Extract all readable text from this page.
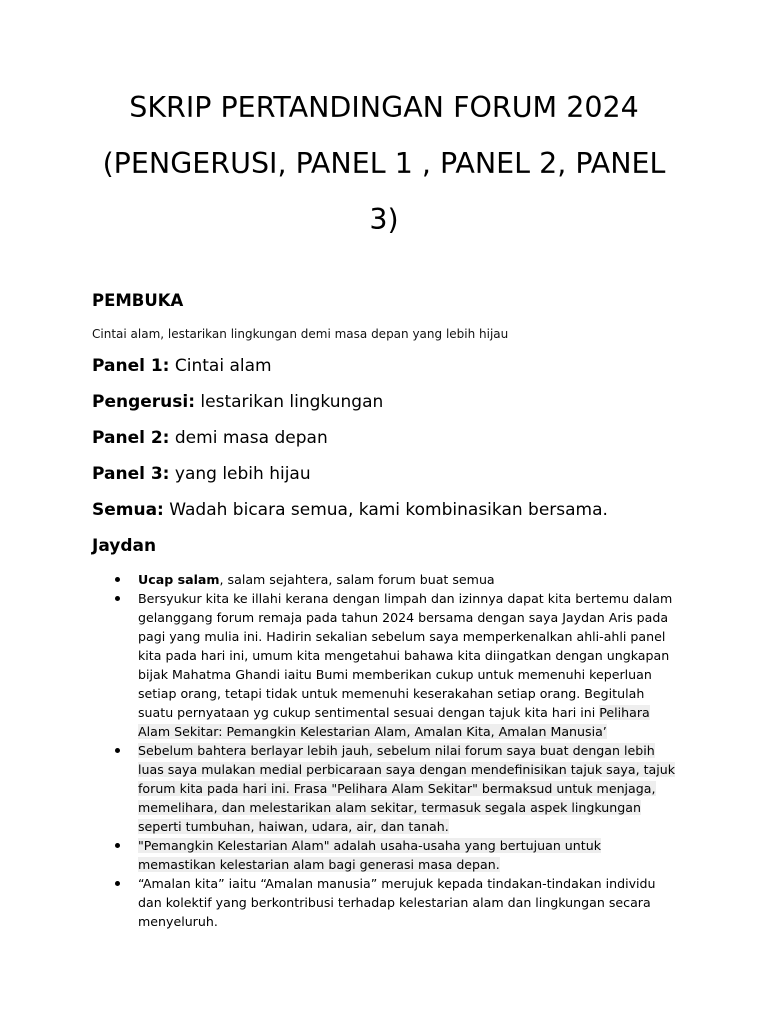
SKRIP PERTANDINGAN FORUM 2024
(PENGERUSI, PANEL 1 , PANEL 2, PANEL
3)
PEMBUKA

Cintai alam, lestarikan lingkungan demi masa depan yang lebih hijau

Panel 1: Cintai alam

Pengerusi: lestarikan lingkungan

Panel 2: demi masa depan

Panel 3: yang lebih hijau

Semua: Wadah bicara semua, kami kombinasikan bersama.

Jaydan
Ucap salam, salam sejahtera, salam forum buat semua
Bersyukur kita ke illahi kerana dengan limpah dan izinnya dapat kita bertemu dalam gelanggang forum remaja pada tahun 2024 bersama dengan saya Jaydan Aris pada pagi yang mulia ini. Hadirin sekalian sebelum saya memperkenalkan ahli-ahli panel kita pada hari ini, umum kita mengetahui bahawa kita diingatkan dengan ungkapan bijak Mahatma Ghandi iaitu Bumi memberikan cukup untuk memenuhi keperluan setiap orang, tetapi tidak untuk memenuhi keserakahan setiap orang. Begitulah suatu pernyataan yg cukup sentimental sesuai dengan tajuk kita hari ini Pelihara Alam Sekitar: Pemangkin Kelestarian Alam, Amalan Kita, Amalan Manusia’
Sebelum bahtera berlayar lebih jauh, sebelum nilai forum saya buat dengan lebih luas saya mulakan medial perbicaraan saya dengan mendefinisikan tajuk saya, tajuk forum kita pada hari ini. Frasa "Pelihara Alam Sekitar" bermaksud untuk menjaga, memelihara, dan melestarikan alam sekitar, termasuk segala aspek lingkungan seperti tumbuhan, haiwan, udara, air, dan tanah.
"Pemangkin Kelestarian Alam" adalah usaha-usaha yang bertujuan untuk memastikan kelestarian alam bagi generasi masa depan.
“Amalan kita” iaitu “Amalan manusia” merujuk kepada tindakan-tindakan individu dan kolektif yang berkontribusi terhadap kelestarian alam dan lingkungan secara menyeluruh.
